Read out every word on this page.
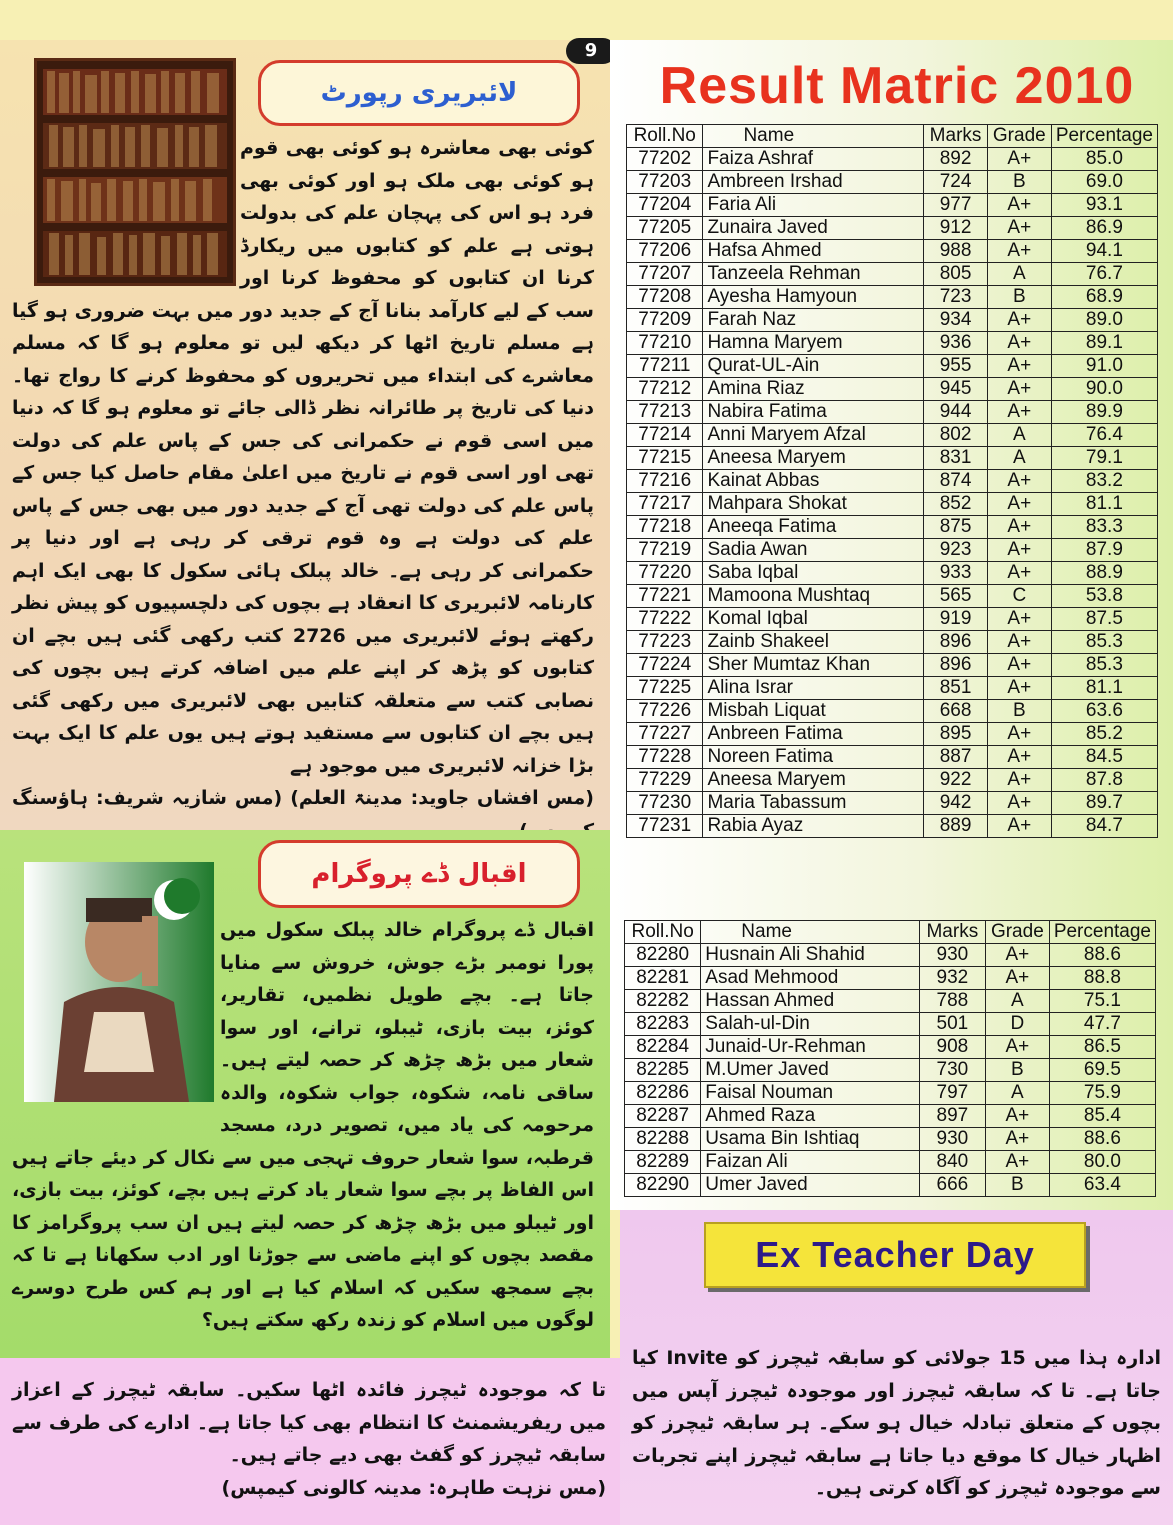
9
لائبریری رپورٹ

کوئی بھی معاشرہ ہو کوئی بھی قوم ہو کوئی بھی ملک ہو اور کوئی بھی فرد ہو اس کی پہچان علم کی بدولت ہوتی ہے علم کو کتابوں میں ریکارڈ کرنا ان کتابوں کو محفوظ کرنا اور سب کے لیے کارآمد بنانا آج کے جدید دور میں بہت ضروری ہو گیا ہے مسلم تاریخ اٹھا کر دیکھ لیں تو معلوم ہو گا کہ مسلم معاشرے کی ابتداء میں تحریروں کو محفوظ کرنے کا رواج تھا۔ دنیا کی تاریخ پر طائرانہ نظر ڈالی جائے تو معلوم ہو گا کہ دنیا میں اسی قوم نے حکمرانی کی جس کے پاس علم کی دولت تھی اور اسی قوم نے تاریخ میں اعلیٰ مقام حاصل کیا جس کے پاس علم کی دولت تھی آج کے جدید دور میں بھی جس کے پاس علم کی دولت ہے وہ قوم ترقی کر رہی ہے اور دنیا پر حکمرانی کر رہی ہے۔ خالد پبلک ہائی سکول کا بھی ایک اہم کارنامہ لائبریری کا انعقاد ہے بچوں کی دلچسپیوں کو پیش نظر رکھتے ہوئے لائبریری میں 2726 کتب رکھی گئی ہیں بچے ان کتابوں کو پڑھ کر اپنے علم میں اضافہ کرتے ہیں بچوں کی نصابی کتب سے متعلقہ کتابیں بھی لائبریری میں رکھی گئی ہیں بچے ان کتابوں سے مستفید ہوتے ہیں یوں علم کا ایک بہت بڑا خزانہ لائبریری میں موجود ہے

(مس افشاں جاوید: مدینۃ العلم) (مس شازیہ شریف: ہاؤسنگ

اقبال ڈے پروگرام

اقبال ڈے پروگرام خالد پبلک سکول میں پورا نومبر بڑے جوش، خروش سے منایا جاتا ہے۔ بچے طویل نظمیں، تقاریر، کوئز، بیت بازی، ٹیبلو، ترانے، اور سوا شعار میں بڑھ چڑھ کر حصہ لیتے ہیں۔ ساقی نامہ، شکوہ، جواب شکوہ، والدہ مرحومہ کی یاد میں، تصویر درد، مسجد قرطبہ، سوا شعار حروف تہجی میں سے نکال کر دیئے جاتے ہیں اس الفاظ پر بچے سوا شعار یاد کرتے ہیں بچے، کوئز، بیت بازی، اور ٹیبلو میں بڑھ چڑھ کر حصہ لیتے ہیں ان سب پروگرامز کا مقصد بچوں کو اپنے ماضی سے جوڑنا اور ادب سکھانا ہے تا کہ بچے سمجھ سکیں کہ اسلام کیا ہے اور ہم کس طرح دوسرے لوگوں میں اسلام کو زندہ رکھ سکتے ہیں؟

تا کہ موجودہ ٹیچرز فائدہ اٹھا سکیں۔ سابقہ ٹیچرز کے اعزاز میں ریفریشمنٹ کا انتظام بھی کیا جاتا ہے۔ ادارے کی طرف سے سابقہ ٹیچرز کو گفٹ بھی دیے جاتے ہیں۔

(مس نزہت طاہرہ: مدینہ کالونی کیمپس)

Result Matric 2010
Roll.No	Name	Marks	Grade	Percentage
77202	Faiza Ashraf	892	A+	85.0
77203	Ambreen Irshad	724	B	69.0
77204	Faria Ali	977	A+	93.1
77205	Zunaira Javed	912	A+	86.9
77206	Hafsa Ahmed	988	A+	94.1
77207	Tanzeela Rehman	805	A	76.7
77208	Ayesha Hamyoun	723	B	68.9
77209	Farah Naz	934	A+	89.0
77210	Hamna Maryem	936	A+	89.1
77211	Qurat-UL-Ain	955	A+	91.0
77212	Amina Riaz	945	A+	90.0
77213	Nabira Fatima	944	A+	89.9
77214	Anni Maryem Afzal	802	A	76.4
77215	Aneesa Maryem	831	A	79.1
77216	Kainat Abbas	874	A+	83.2
77217	Mahpara Shokat	852	A+	81.1
77218	Aneeqa Fatima	875	A+	83.3
77219	Sadia Awan	923	A+	87.9
77220	Saba Iqbal	933	A+	88.9
77221	Mamoona Mushtaq	565	C	53.8
77222	Komal Iqbal	919	A+	87.5
77223	Zainb Shakeel	896	A+	85.3
77224	Sher Mumtaz Khan	896	A+	85.3
77225	Alina Israr	851	A+	81.1
77226	Misbah Liquat	668	B	63.6
77227	Anbreen Fatima	895	A+	85.2
77228	Noreen Fatima	887	A+	84.5
77229	Aneesa Maryem	922	A+	87.8
77230	Maria Tabassum	942	A+	89.7
77231	Rabia Ayaz	889	A+	84.7
Roll.No	Name	Marks	Grade	Percentage
82280	Husnain Ali Shahid	930	A+	88.6
82281	Asad Mehmood	932	A+	88.8
82282	Hassan Ahmed	788	A	75.1
82283	Salah-ul-Din	501	D	47.7
82284	Junaid-Ur-Rehman	908	A+	86.5
82285	M.Umer Javed	730	B	69.5
82286	Faisal Nouman	797	A	75.9
82287	Ahmed Raza	897	A+	85.4
82288	Usama Bin Ishtiaq	930	A+	88.6
82289	Faizan Ali	840	A+	80.0
82290	Umer Javed	666	B	63.4
Ex Teacher Day

ادارہ ہذا میں 15 جولائی کو سابقہ ٹیچرز کو Invite کیا جاتا ہے۔ تا کہ سابقہ ٹیچرز اور موجودہ ٹیچرز آپس میں بچوں کے متعلق تبادلہ خیال ہو سکے۔ ہر سابقہ ٹیچرز کو اظہار خیال کا موقع دیا جاتا ہے سابقہ ٹیچرز اپنے تجربات سے موجودہ ٹیچرز کو آگاہ کرتی ہیں۔
